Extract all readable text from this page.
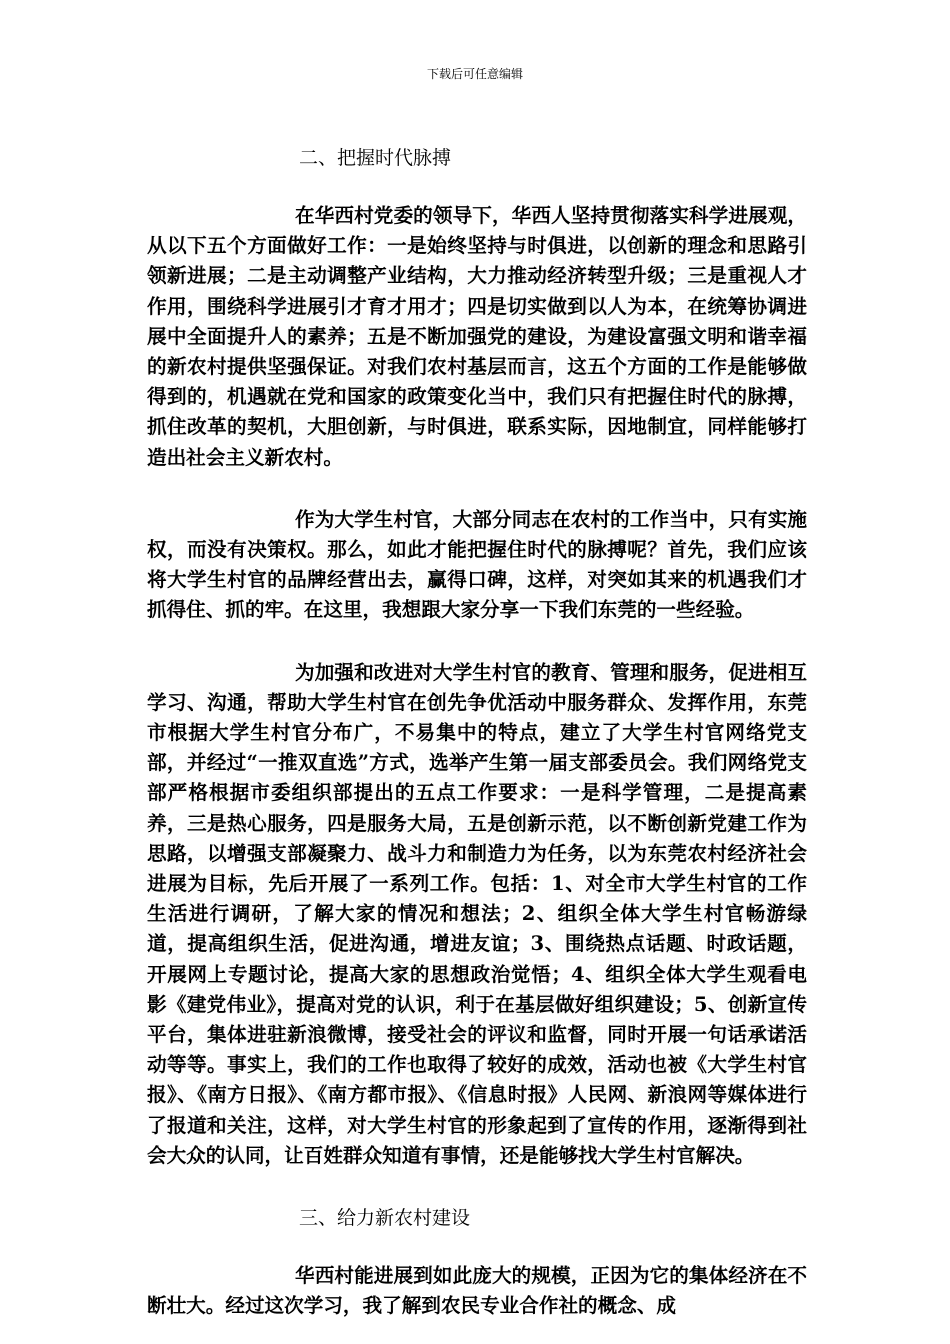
下载后可任意编辑
二、把握时代脉搏

在华西村党委的领导下，华西人坚持贯彻落实科学进展观，从以下五个方面做好工作：一是始终坚持与时俱进，以创新的理念和思路引领新进展；二是主动调整产业结构，大力推动经济转型升级；三是重视人才作用，围绕科学进展引才育才用才；四是切实做到以人为本，在统筹协调进展中全面提升人的素养；五是不断加强党的建设，为建设富强文明和谐幸福的新农村提供坚强保证。对我们农村基层而言，这五个方面的工作是能够做得到的，机遇就在党和国家的政策变化当中，我们只有把握住时代的脉搏，抓住改革的契机，大胆创新，与时俱进，联系实际，因地制宜，同样能够打造出社会主义新农村。

作为大学生村官，大部分同志在农村的工作当中，只有实施权，而没有决策权。那么，如此才能把握住时代的脉搏呢？首先，我们应该将大学生村官的品牌经营出去，赢得口碑，这样，对突如其来的机遇我们才抓得住、抓的牢。在这里，我想跟大家分享一下我们东莞的一些经验。

为加强和改进对大学生村官的教育、管理和服务，促进相互学习、沟通，帮助大学生村官在创先争优活动中服务群众、发挥作用，东莞市根据大学生村官分布广，不易集中的特点，建立了大学生村官网络党支部，并经过“一推双直选”方式，选举产生第一届支部委员会。我们网络党支部严格根据市委组织部提出的五点工作要求：一是科学管理，二是提高素养，三是热心服务，四是服务大局，五是创新示范，以不断创新党建工作为思路，以增强支部凝聚力、战斗力和制造力为任务，以为东莞农村经济社会进展为目标，先后开展了一系列工作。包括：1、对全市大学生村官的工作生活进行调研，了解大家的情况和想法；2、组织全体大学生村官畅游绿道，提高组织生活，促进沟通，增进友谊；3、围绕热点话题、时政话题，开展网上专题讨论，提高大家的思想政治觉悟；4、组织全体大学生观看电影《建党伟业》，提高对党的认识，利于在基层做好组织建设；5、创新宣传平台，集体进驻新浪微博，接受社会的评议和监督，同时开展一句话承诺活动等等。事实上，我们的工作也取得了较好的成效，活动也被《大学生村官报》、《南方日报》、《南方都市报》、《信息时报》人民网、新浪网等媒体进行了报道和关注，这样，对大学生村官的形象起到了宣传的作用，逐渐得到社会大众的认同，让百姓群众知道有事情，还是能够找大学生村官解决。

三、给力新农村建设

华西村能进展到如此庞大的规模，正因为它的集体经济在不断壮大。经过这次学习，我了解到农民专业合作社的概念、成
